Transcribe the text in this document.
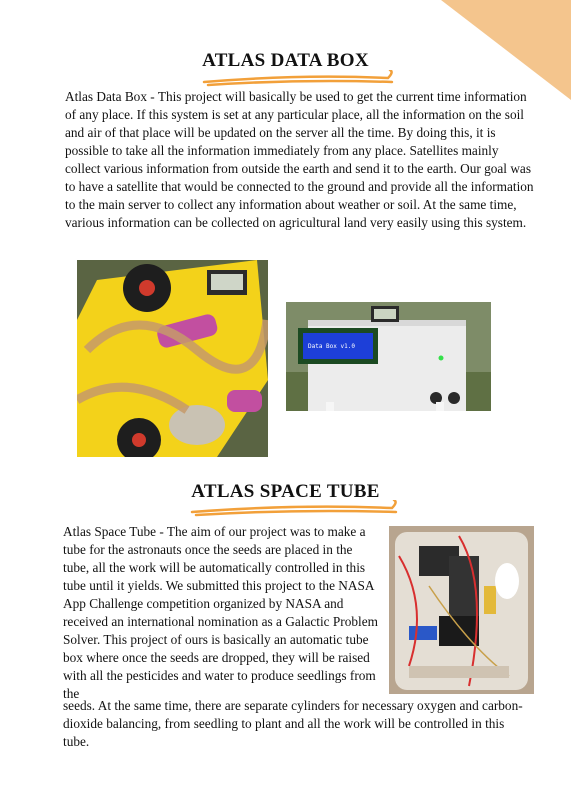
ATLAS DATA BOX

Atlas Data Box - This project will basically be used to get the current time information of any place. If this system is set at any particular place, all the information on the soil and air of that place will be updated on the server all the time. By doing this, it is possible to take all the information immediately from any place. Satellites mainly collect various information from outside the earth and send it to the earth. Our goal was to have a satellite that would be connected to the ground and provide all the information to the main server to collect any information about weather or soil. At the same time, various information can be collected on agricultural land very easily using this system.

Data Box v1.0
ATLAS SPACE TUBE

Atlas Space Tube - The aim of our project was to make a tube for the astronauts once the seeds are placed in the tube, all the work will be automatically controlled in this tube until it yields. We submitted this project to the NASA App Challenge competition organized by NASA and received an international nomination as a Galactic Problem Solver. This project of ours is basically an automatic tube box where once the seeds are dropped, they will be raised with all the pesticides and water to produce seedlings from the

seeds. At the same time, there are separate cylinders for necessary oxygen and carbon-dioxide balancing, from seedling to plant and all the work will be controlled in this tube.
